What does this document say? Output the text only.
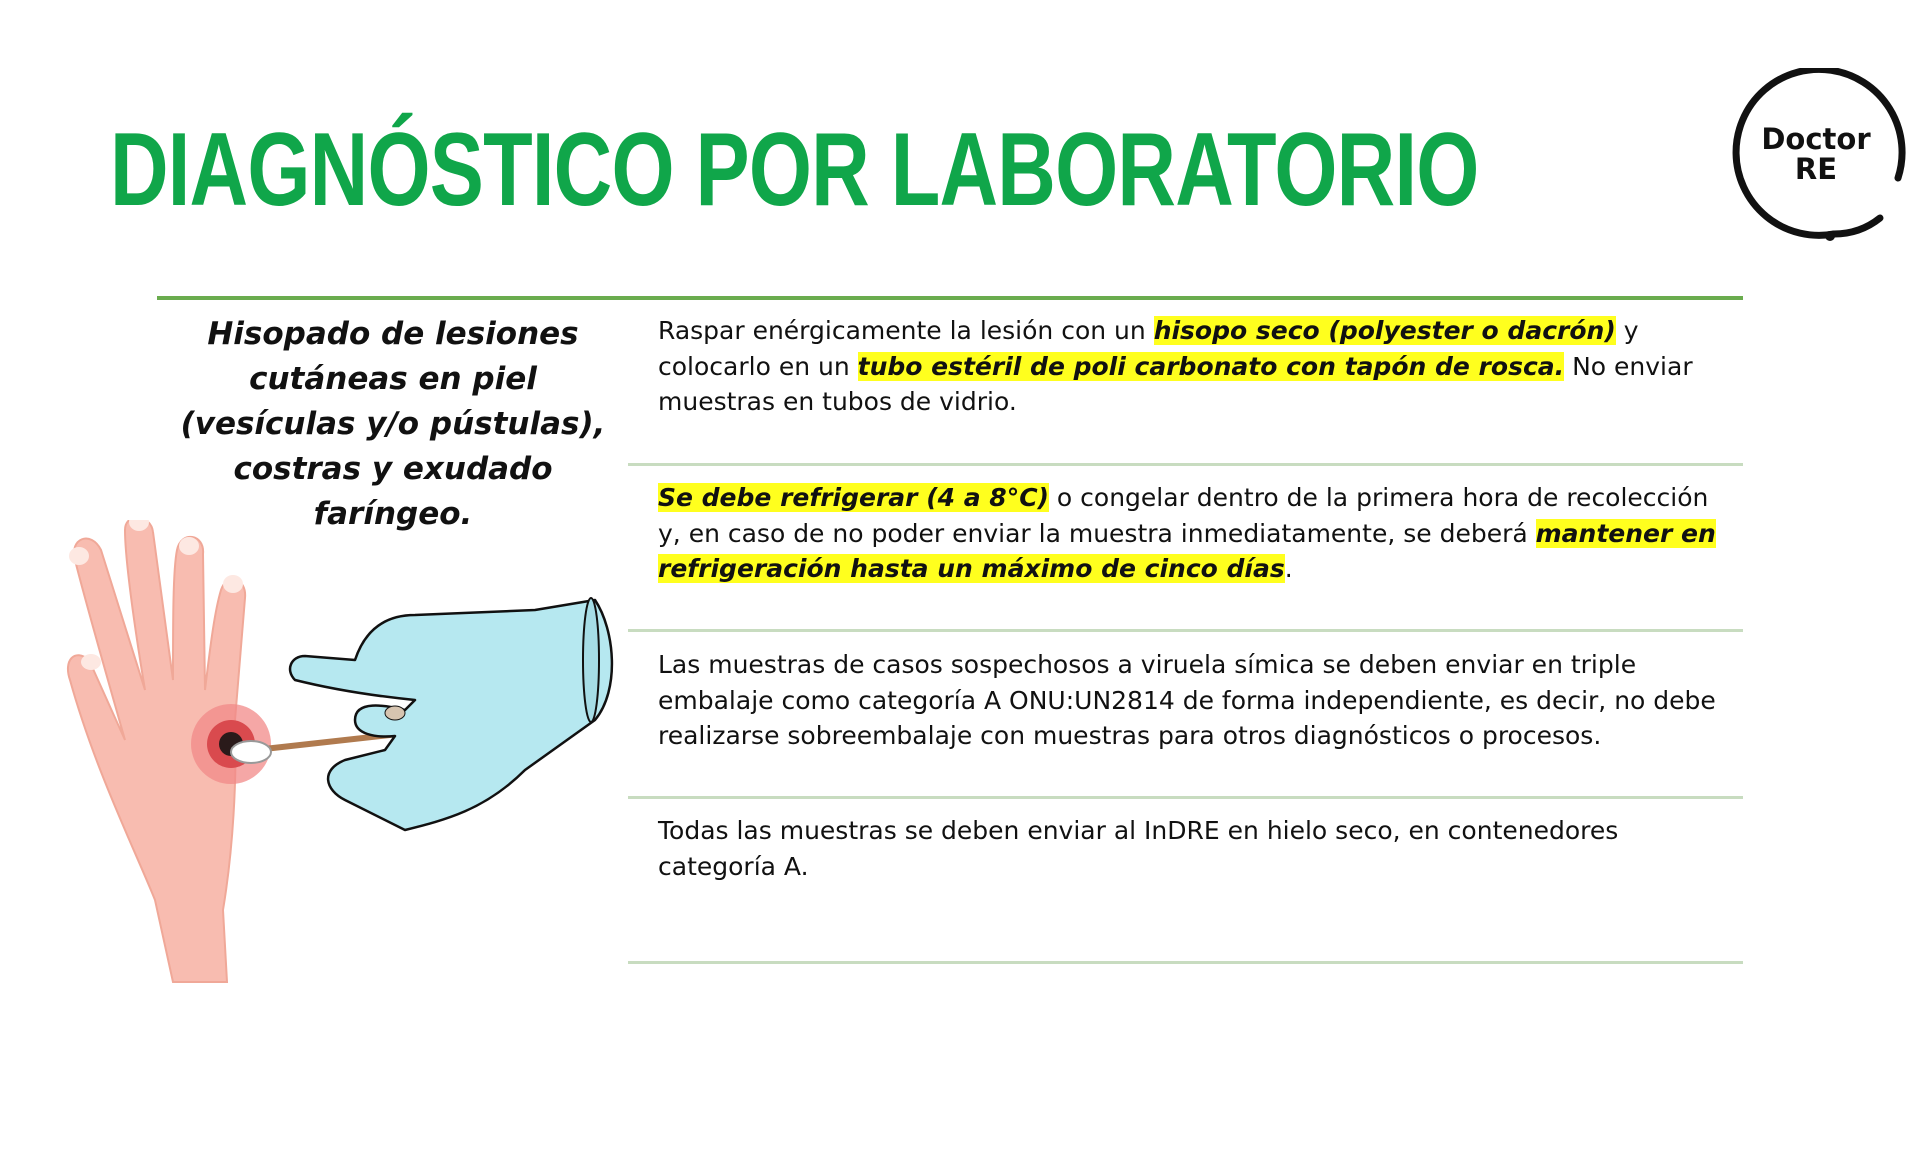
DIAGNÓSTICO POR LABORATORIO	Doctor
RE
Hisopado de lesiones cutáneas en piel (vesículas y/o pústulas), costras y exudado faríngeo.
Raspar enérgicamente la lesión con un hisopo seco (polyester o dacrón) y colocarlo en un tubo estéril de poli carbonato con tapón de rosca. No enviar muestras en tubos de vidrio.
Se debe refrigerar (4 a 8°C) o congelar dentro de la primera hora de recolección y, en caso de no poder enviar la muestra inmediatamente, se deberá mantener en refrigeración hasta un máximo de cinco días.
Las muestras de casos sospechosos a viruela símica se deben enviar en triple embalaje como categoría A ONU:UN2814 de forma independiente, es decir, no debe realizarse sobreembalaje con muestras para otros diagnósticos o procesos.
Todas las muestras se deben enviar al InDRE en hielo seco, en contenedores categoría A.
